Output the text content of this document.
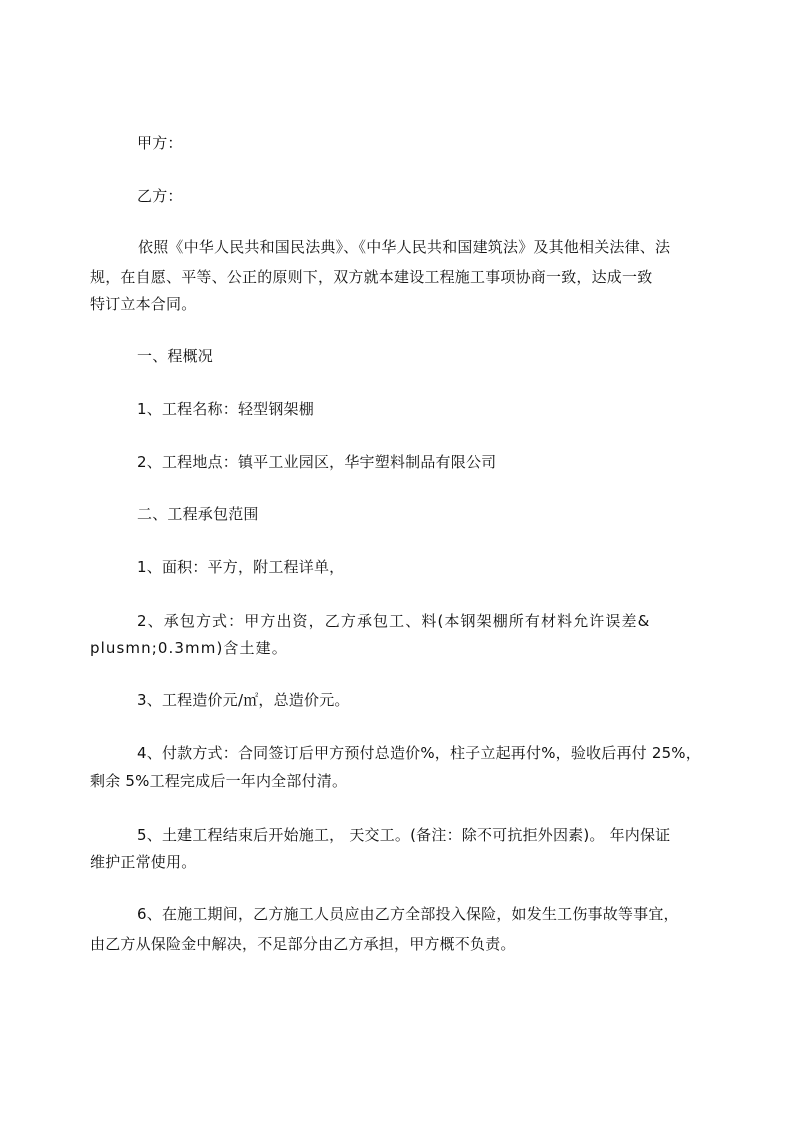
甲方：
乙方：
依照《中华人民共和国民法典》、《中华人民共和国建筑法》及其他相关法律、法
规，在自愿、平等、公正的原则下，双方就本建设工程施工事项协商一致，达成一致
特订立本合同。
一、程概况
1、工程名称：轻型钢架棚
2、工程地点：镇平工业园区，华宇塑料制品有限公司
二、工程承包范围
1、面积：平方，附工程详单，
2、承包方式：甲方出资，乙方承包工、料(本钢架棚所有材料允许误差&
plusmn;0.3mm)含土建。
3、工程造价元/㎡，总造价元。
4、付款方式：合同签订后甲方预付总造价%，柱子立起再付%，验收后再付 25%，
剩余 5%工程完成后一年内全部付清。
5、土建工程结束后开始施工， 天交工。(备注：除不可抗拒外因素)。 年内保证
维护正常使用。
6、在施工期间，乙方施工人员应由乙方全部投入保险，如发生工伤事故等事宜，
由乙方从保险金中解决，不足部分由乙方承担，甲方概不负责。
